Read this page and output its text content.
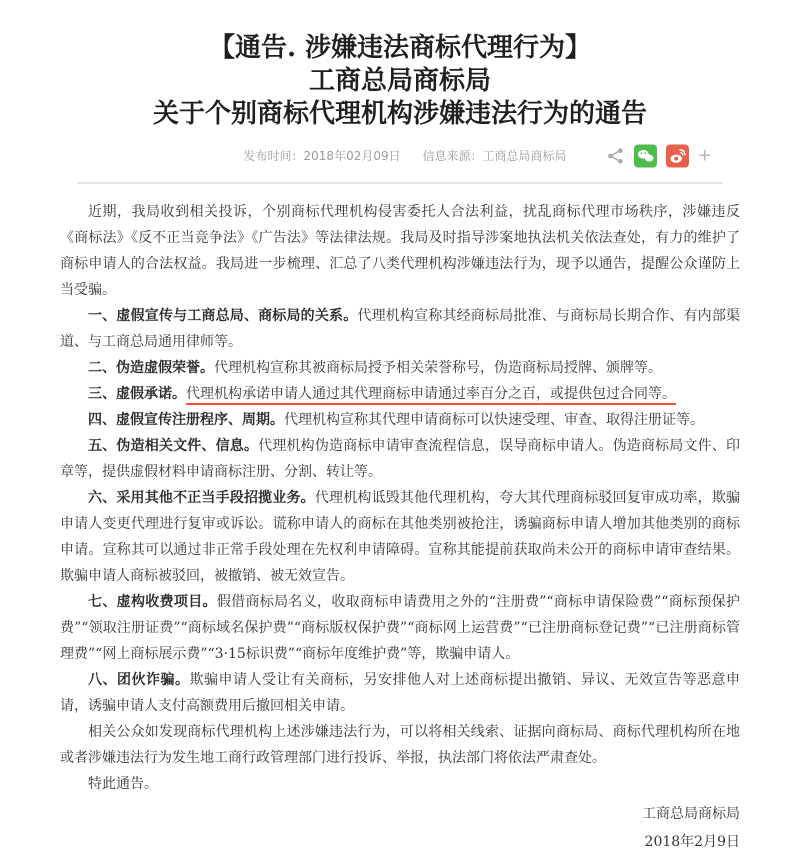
【通告. 涉嫌违法商标代理行为】
工商总局商标局
关于个别商标代理机构涉嫌违法行为的通告
发布时间：2018年02月09日 信息来源：工商总局商标局	+

近期，我局收到相关投诉，个别商标代理机构侵害委托人合法利益，扰乱商标代理市场秩序，涉嫌违反《商标法》《反不正当竞争法》《广告法》等法律法规。我局及时指导涉案地执法机关依法查处，有力的维护了商标申请人的合法权益。我局进一步梳理、汇总了八类代理机构涉嫌违法行为，现予以通告，提醒公众谨防上当受骗。

一、虚假宣传与工商总局、商标局的关系。代理机构宣称其经商标局批准、与商标局长期合作、有内部渠道、与工商总局通用律师等。

二、伪造虚假荣誉。代理机构宣称其被商标局授予相关荣誉称号，伪造商标局授牌、颁牌等。

三、虚假承诺。代理机构承诺申请人通过其代理商标申请通过率百分之百，或提供包过合同等。

四、虚假宣传注册程序、周期。代理机构宣称其代理申请商标可以快速受理、审查、取得注册证等。

五、伪造相关文件、信息。代理机构伪造商标申请审查流程信息，误导商标申请人。伪造商标局文件、印章等，提供虚假材料申请商标注册、分割、转让等。

六、采用其他不正当手段招揽业务。代理机构诋毁其他代理机构，夸大其代理商标驳回复审成功率，欺骗申请人变更代理进行复审或诉讼。谎称申请人的商标在其他类别被抢注，诱骗商标申请人增加其他类别的商标申请。宣称其可以通过非正常手段处理在先权利申请障碍。宣称其能提前获取尚未公开的商标申请审查结果。欺骗申请人商标被驳回，被撤销、被无效宣告。

七、虚构收费项目。假借商标局名义，收取商标申请费用之外的“注册费”“商标申请保险费”“商标预保护费”“领取注册证费”“商标域名保护费”“商标版权保护费”“商标网上运营费”“已注册商标登记费”“已注册商标管理费”“网上商标展示费”“3·15标识费”“商标年度维护费”等，欺骗申请人。

八、团伙诈骗。欺骗申请人受让有关商标，另安排他人对上述商标提出撤销、异议、无效宣告等恶意申请，诱骗申请人支付高额费用后撤回相关申请。

相关公众如发现商标代理机构上述涉嫌违法行为，可以将相关线索、证据向商标局、商标代理机构所在地或者涉嫌违法行为发生地工商行政管理部门进行投诉、举报，执法部门将依法严肃查处。

特此通告。

工商总局商标局
2018年2月9日
